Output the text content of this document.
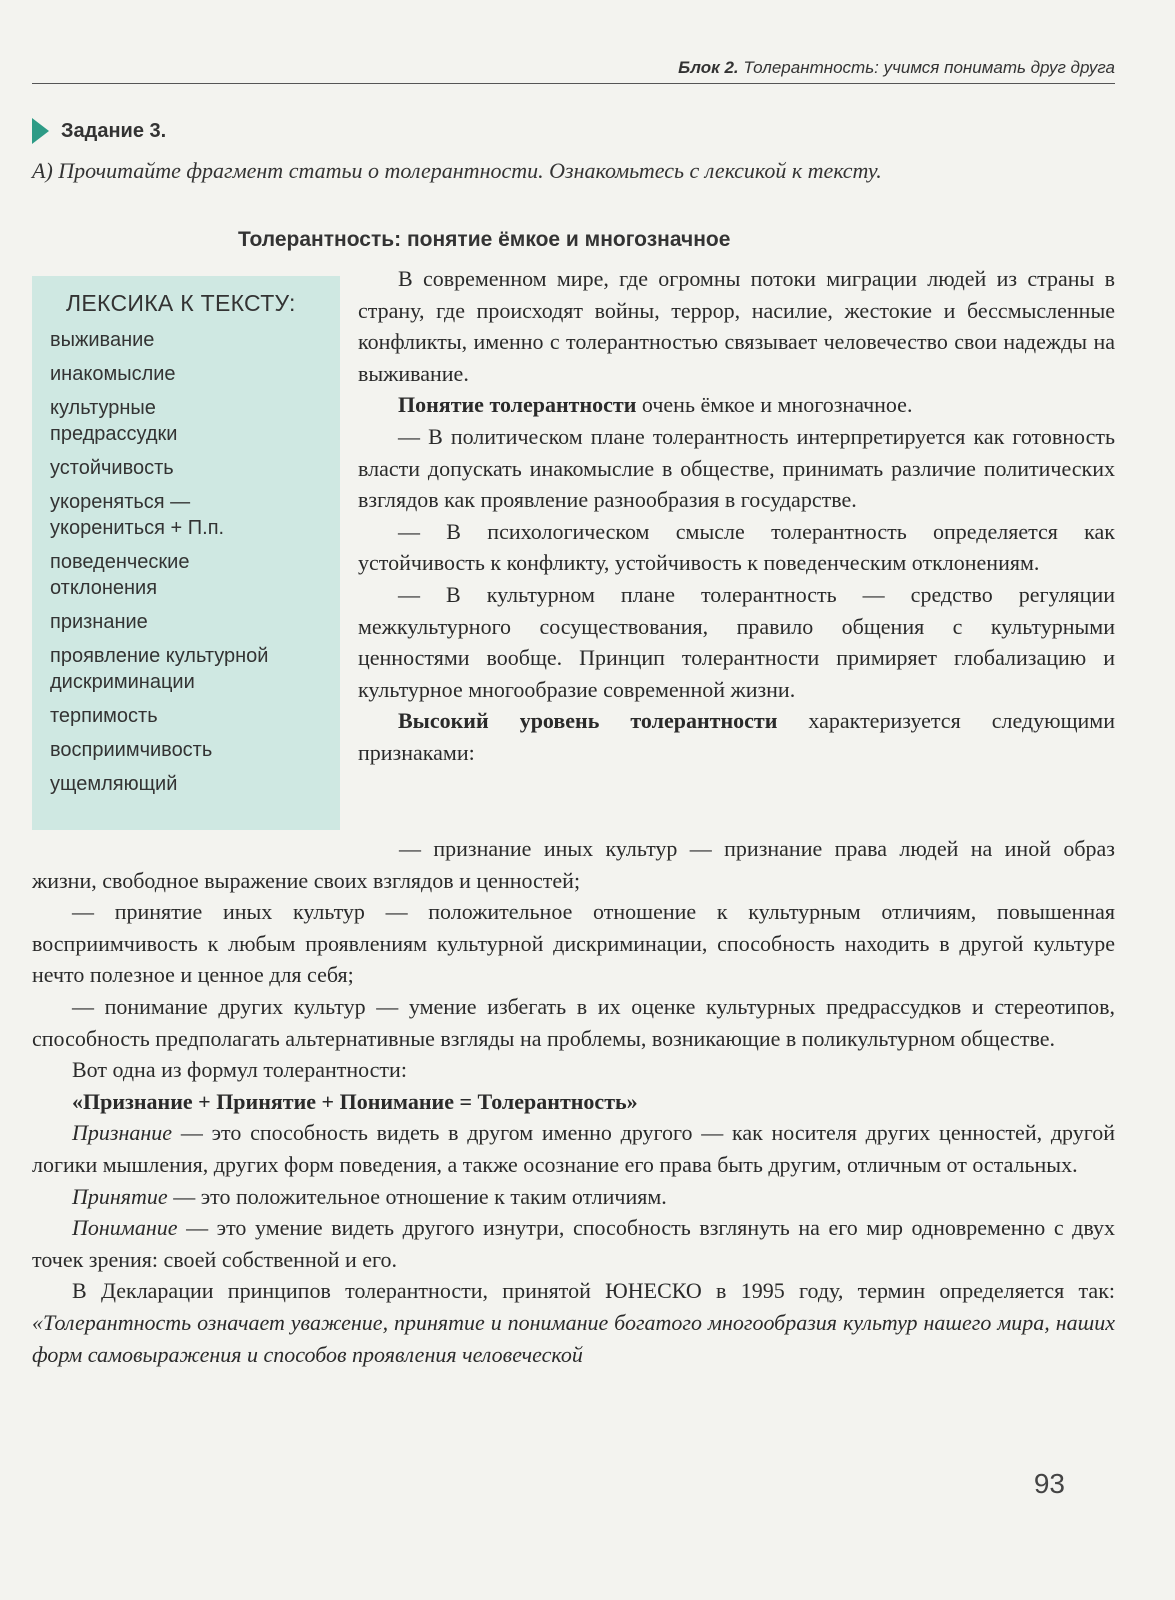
Блок 2. Толерантность: учимся понимать друг друга
Задание 3.
А) Прочитайте фрагмент статьи о толерантности. Ознакомьтесь с лексикой к тексту.
Толерантность: понятие ёмкое и многозначное
ЛЕКСИКА К ТЕКСТУ:
выживание
инакомыслие
культурные предрассудки
устойчивость
укореняться — укорениться + П.п.
поведенческие отклонения
признание
проявление культурной дискриминации
терпимость
восприимчивость
ущемляющий

В современном мире, где огромны потоки миграции людей из страны в страну, где происходят войны, террор, насилие, жестокие и бессмысленные конфликты, именно с толерантностью связывает человечество свои надежды на выживание.

Понятие толерантности очень ёмкое и многозначное.

— В политическом плане толерантность интерпретируется как готовность власти допускать инакомыслие в обществе, принимать различие политических взглядов как проявление разнообразия в государстве.

— В психологическом смысле толерантность определяется как устойчивость к конфликту, устойчивость к поведенческим отклонениям.

— В культурном плане толерантность — средство регуляции межкультурного сосуществования, правило общения с культурными ценностями вообще. Принцип толерантности примиряет глобализацию и культурное многообразие современной жизни.

Высокий уровень толерантности характеризуется следующими признаками:

— признание иных культур — признание права людей на иной образ жизни, свободное выражение своих взглядов и ценностей;

— принятие иных культур — положительное отношение к культурным отличиям, повышенная восприимчивость к любым проявлениям культурной дискриминации, способность находить в другой культуре нечто полезное и ценное для себя;

— понимание других культур — умение избегать в их оценке культурных предрассудков и стереотипов, способность предполагать альтернативные взгляды на проблемы, возникающие в поликультурном обществе.

Вот одна из формул толерантности:

«Признание + Принятие + Понимание = Толерантность»

Признание — это способность видеть в другом именно другого — как носителя других ценностей, другой логики мышления, других форм поведения, а также осознание его права быть другим, отличным от остальных.

Принятие — это положительное отношение к таким отличиям.

Понимание — это умение видеть другого изнутри, способность взглянуть на его мир одновременно с двух точек зрения: своей собственной и его.

В Декларации принципов толерантности, принятой ЮНЕСКО в 1995 году, термин определяется так: «Толерантность означает уважение, принятие и понимание богатого многообразия культур нашего мира, наших форм самовыражения и способов проявления человеческой

93
